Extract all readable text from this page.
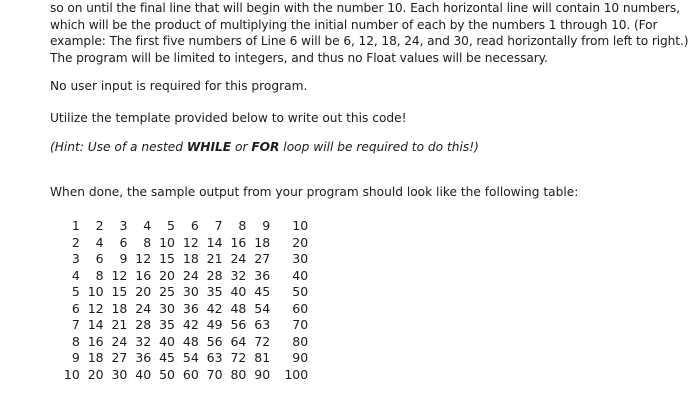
so on until the final line that will begin with the number 10. Each horizontal line will contain 10 numbers,

which will be the product of multiplying the initial number of each by the numbers 1 through 10. (For

example: The first five numbers of Line 6 will be 6, 12, 18, 24, and 30, read horizontally from left to right.)

The program will be limited to integers, and thus no Float values will be necessary.

No user input is required for this program.

Utilize the template provided below to write out this code!

(Hint: Use of a nested WHILE or FOR loop will be required to do this!)

When done, the sample output from your program should look like the following table:

1	2	3	4	5	6	7	8	9	10
2	4	6	8 10 12 14 16 18	20
3	6	9 12 15 18 21 24 27	30
4	8 12 16 20 24 28 32 36	40
5 10 15 20 25 30 35 40 45	50
6 12 18 24 30 36 42 48 54	60
7 14 21 28 35 42 49 56 63	70
8 16 24 32 40 48 56 64 72	80
9 18 27 36 45 54 63 72 81	90
10 20 30 40 50 60 70 80 90	100
